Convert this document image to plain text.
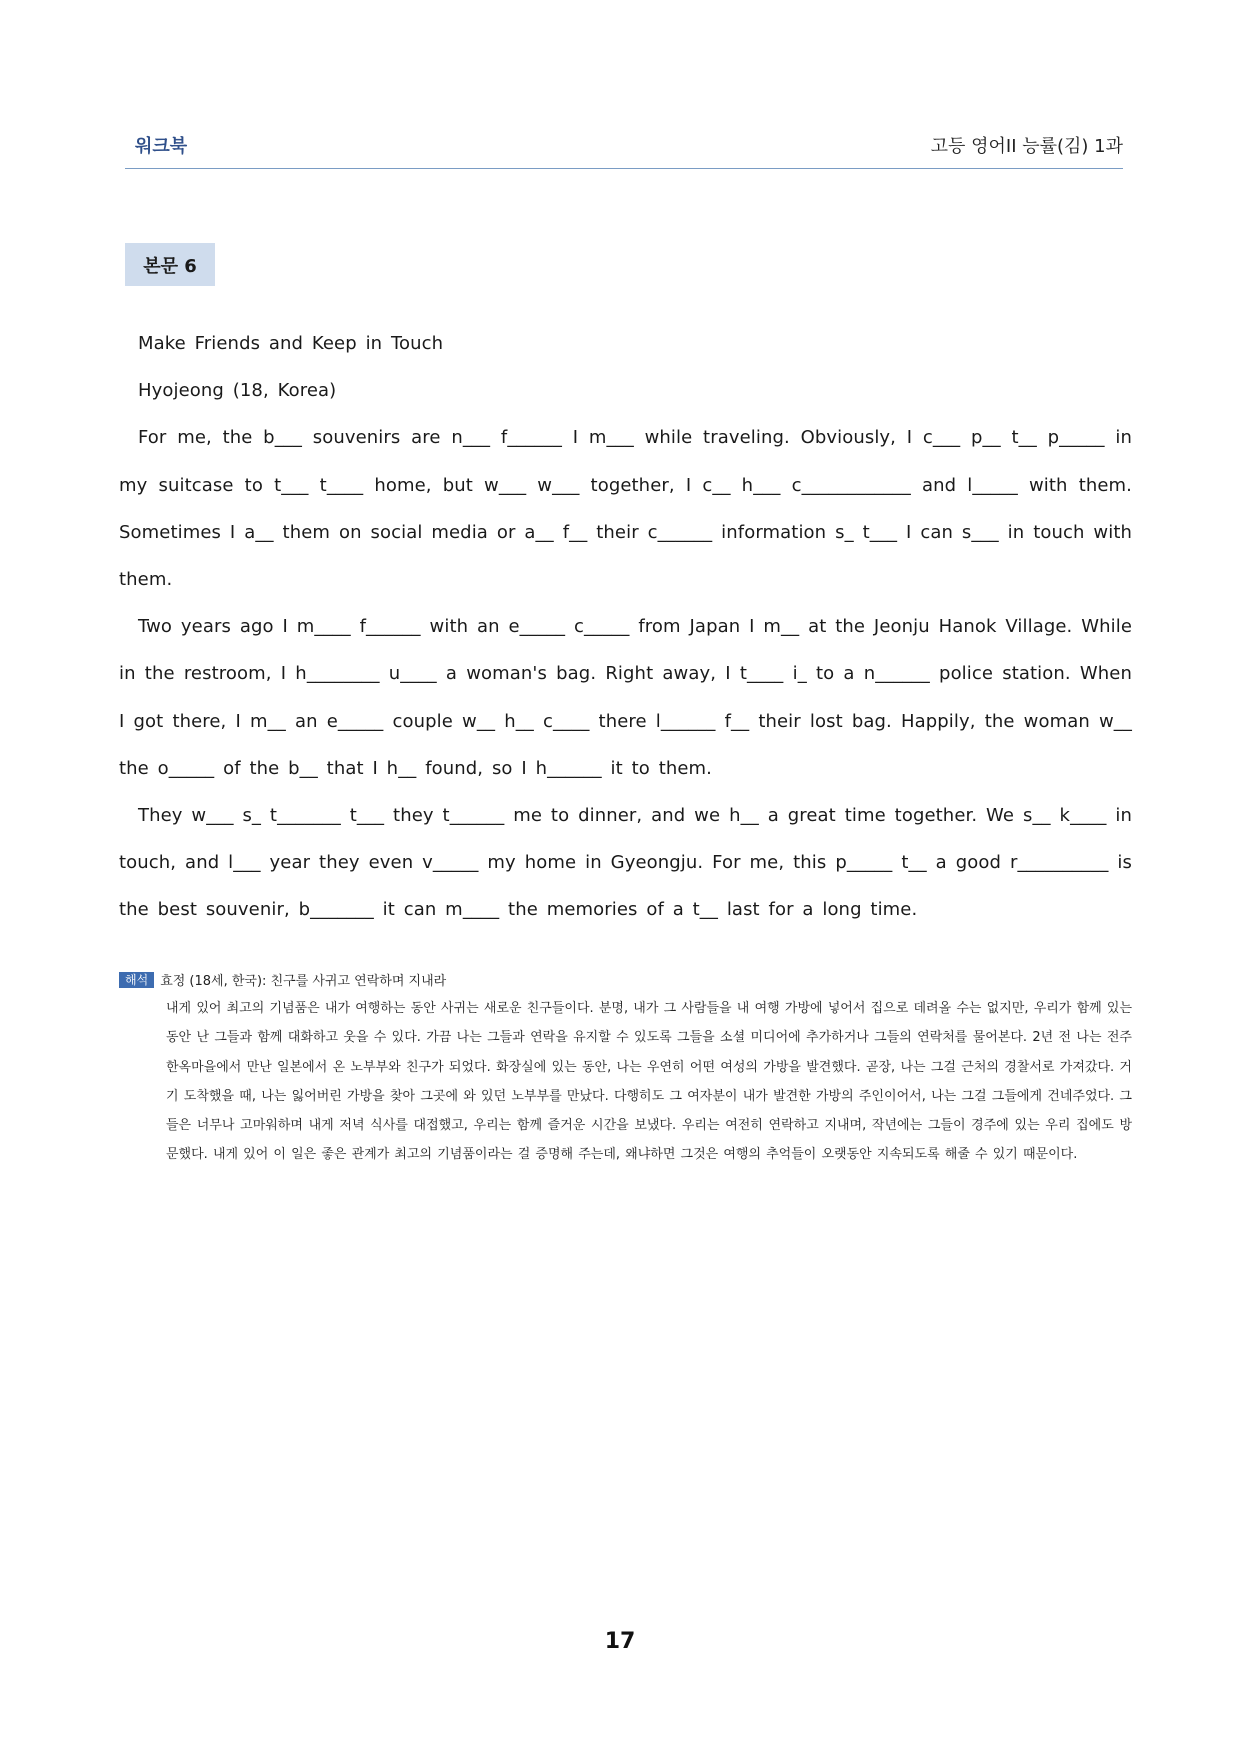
워크북	고등 영어II 능률(김) 1과
본문 6

Make Friends and Keep in Touch

Hyojeong (18, Korea)

For me, the b___ souvenirs are n___ f______ I m___ while traveling. Obviously, I c___ p__ t__ p_____ in my suitcase to t___ t____ home, but w___ w___ together, I c__ h___ c____________ and l_____ with them. Sometimes I a__ them on social media or a__ f__ their c______ information s_ t___ I can s___ in touch with them.

Two years ago I m____ f______ with an e_____ c_____ from Japan I m__ at the Jeonju Hanok Village. While in the restroom, I h________ u____ a woman's bag. Right away, I t____ i_ to a n______ police station. When I got there, I m__ an e_____ couple w__ h__ c____ there l______ f__ their lost bag. Happily, the woman w__ the o_____ of the b__ that I h__ found, so I h______ it to them.

They w___ s_ t_______ t___ they t______ me to dinner, and we h__ a great time together. We s__ k____ in touch, and l___ year they even v_____ my home in Gyeongju. For me, this p_____ t__ a good r__________ is the best souvenir, b_______ it can m____ the memories of a t__ last for a long time.

해석 효정 (18세, 한국): 친구를 사귀고 연락하며 지내라
내게 있어 최고의 기념품은 내가 여행하는 동안 사귀는 새로운 친구들이다. 분명, 내가 그 사람들을 내 여행 가방에 넣어서 집으로 데려올 수는 없지만, 우리가 함께 있는 동안 난 그들과 함께 대화하고 웃을 수 있다. 가끔 나는 그들과 연락을 유지할 수 있도록 그들을 소셜 미디어에 추가하거나 그들의 연락처를 물어본다. 2년 전 나는 전주 한옥마을에서 만난 일본에서 온 노부부와 친구가 되었다. 화장실에 있는 동안, 나는 우연히 어떤 여성의 가방을 발견했다. 곧장, 나는 그걸 근처의 경찰서로 가져갔다. 거기 도착했을 때, 나는 잃어버린 가방을 찾아 그곳에 와 있던 노부부를 만났다. 다행히도 그 여자분이 내가 발견한 가방의 주인이어서, 나는 그걸 그들에게 건네주었다. 그들은 너무나 고마워하며 내게 저녁 식사를 대접했고, 우리는 함께 즐거운 시간을 보냈다. 우리는 여전히 연락하고 지내며, 작년에는 그들이 경주에 있는 우리 집에도 방문했다. 내게 있어 이 일은 좋은 관계가 최고의 기념품이라는 걸 증명해 주는데, 왜냐하면 그것은 여행의 추억들이 오랫동안 지속되도록 해줄 수 있기 때문이다.
17
